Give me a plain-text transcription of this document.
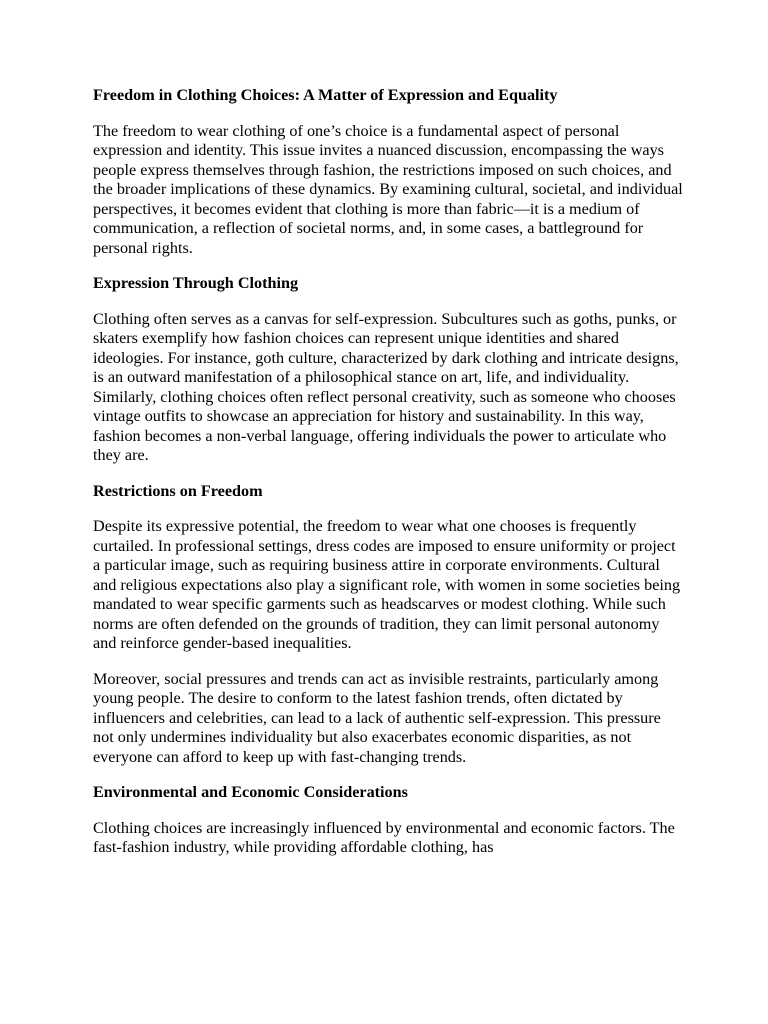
Freedom in Clothing Choices: A Matter of Expression and Equality

The freedom to wear clothing of one’s choice is a fundamental aspect of personal expression and identity. This issue invites a nuanced discussion, encompassing the ways people express themselves through fashion, the restrictions imposed on such choices, and the broader implications of these dynamics. By examining cultural, societal, and individual perspectives, it becomes evident that clothing is more than fabric—it is a medium of communication, a reflection of societal norms, and, in some cases, a battleground for personal rights.

Expression Through Clothing

Clothing often serves as a canvas for self-expression. Subcultures such as goths, punks, or skaters exemplify how fashion choices can represent unique identities and shared ideologies. For instance, goth culture, characterized by dark clothing and intricate designs, is an outward manifestation of a philosophical stance on art, life, and individuality. Similarly, clothing choices often reflect personal creativity, such as someone who chooses vintage outfits to showcase an appreciation for history and sustainability. In this way, fashion becomes a non-verbal language, offering individuals the power to articulate who they are.

Restrictions on Freedom

Despite its expressive potential, the freedom to wear what one chooses is frequently curtailed. In professional settings, dress codes are imposed to ensure uniformity or project a particular image, such as requiring business attire in corporate environments. Cultural and religious expectations also play a significant role, with women in some societies being mandated to wear specific garments such as headscarves or modest clothing. While such norms are often defended on the grounds of tradition, they can limit personal autonomy and reinforce gender-based inequalities.

Moreover, social pressures and trends can act as invisible restraints, particularly among young people. The desire to conform to the latest fashion trends, often dictated by influencers and celebrities, can lead to a lack of authentic self-expression. This pressure not only undermines individuality but also exacerbates economic disparities, as not everyone can afford to keep up with fast-changing trends.

Environmental and Economic Considerations

Clothing choices are increasingly influenced by environmental and economic factors. The fast-fashion industry, while providing affordable clothing, has
